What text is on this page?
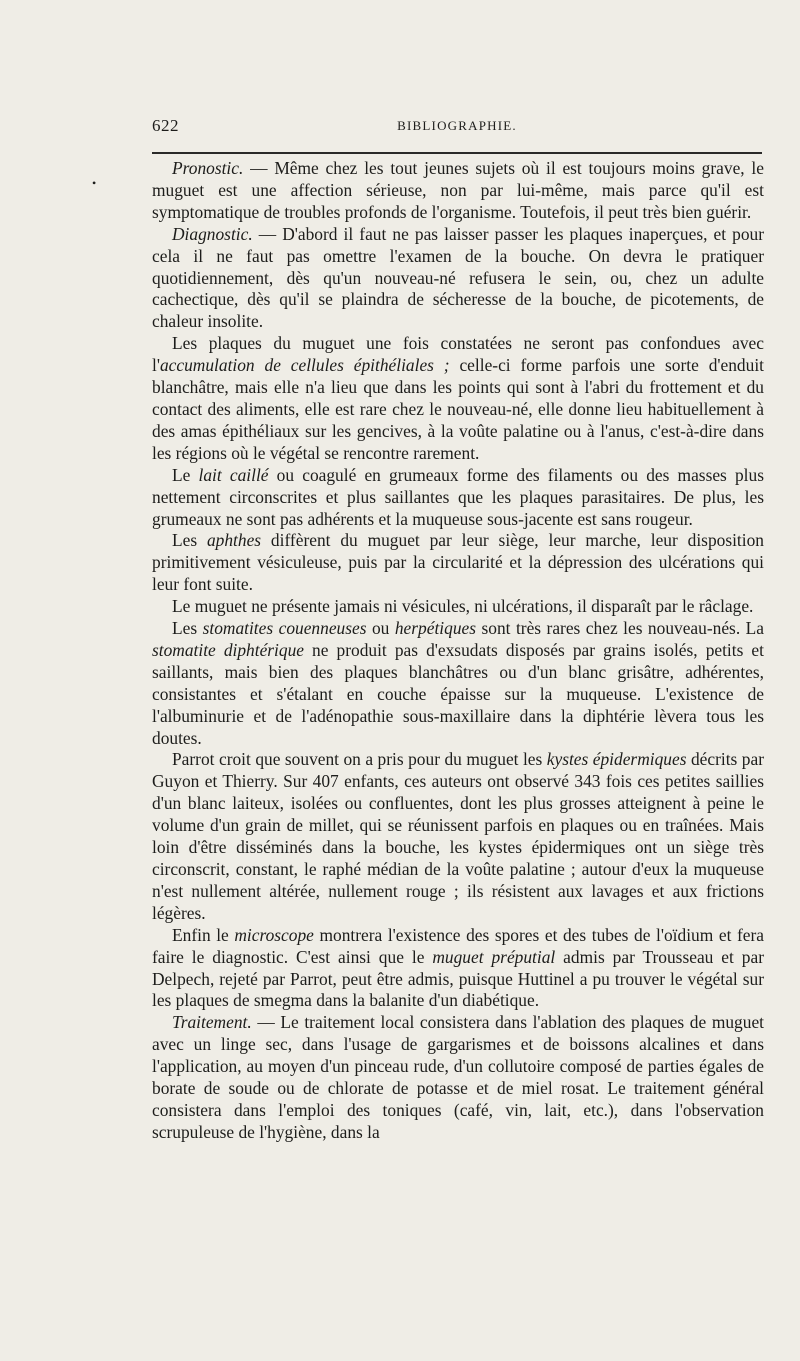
622	BIBLIOGRAPHIE.
•

Pronostic. — Même chez les tout jeunes sujets où il est toujours moins grave, le muguet est une affection sérieuse, non par lui-même, mais parce qu'il est symptomatique de troubles profonds de l'organisme. Toutefois, il peut très bien guérir.

Diagnostic. — D'abord il faut ne pas laisser passer les plaques inaperçues, et pour cela il ne faut pas omettre l'examen de la bouche. On devra le pratiquer quotidiennement, dès qu'un nouveau-né refusera le sein, ou, chez un adulte cachectique, dès qu'il se plaindra de sécheresse de la bouche, de picotements, de chaleur insolite.

Les plaques du muguet une fois constatées ne seront pas confondues avec l'accumulation de cellules épithéliales ; celle-ci forme parfois une sorte d'enduit blanchâtre, mais elle n'a lieu que dans les points qui sont à l'abri du frottement et du contact des aliments, elle est rare chez le nouveau-né, elle donne lieu habituellement à des amas épithéliaux sur les gencives, à la voûte palatine ou à l'anus, c'est-à-dire dans les régions où le végétal se rencontre rarement.

Le lait caillé ou coagulé en grumeaux forme des filaments ou des masses plus nettement circonscrites et plus saillantes que les plaques parasitaires. De plus, les grumeaux ne sont pas adhérents et la muqueuse sous-jacente est sans rougeur.

Les aphthes diffèrent du muguet par leur siège, leur marche, leur disposition primitivement vésiculeuse, puis par la circularité et la dépression des ulcérations qui leur font suite.

Le muguet ne présente jamais ni vésicules, ni ulcérations, il disparaît par le râclage.

Les stomatites couenneuses ou herpétiques sont très rares chez les nouveau-nés. La stomatite diphtérique ne produit pas d'exsudats disposés par grains isolés, petits et saillants, mais bien des plaques blanchâtres ou d'un blanc grisâtre, adhérentes, consistantes et s'étalant en couche épaisse sur la muqueuse. L'existence de l'albuminurie et de l'adénopathie sous-maxillaire dans la diphtérie lèvera tous les doutes.

Parrot croit que souvent on a pris pour du muguet les kystes épidermiques décrits par Guyon et Thierry. Sur 407 enfants, ces auteurs ont observé 343 fois ces petites saillies d'un blanc laiteux, isolées ou confluentes, dont les plus grosses atteignent à peine le volume d'un grain de millet, qui se réunissent parfois en plaques ou en traînées. Mais loin d'être disséminés dans la bouche, les kystes épidermiques ont un siège très circonscrit, constant, le raphé médian de la voûte palatine ; autour d'eux la muqueuse n'est nullement altérée, nullement rouge ; ils résistent aux lavages et aux frictions légères.

Enfin le microscope montrera l'existence des spores et des tubes de l'oïdium et fera faire le diagnostic. C'est ainsi que le muguet préputial admis par Trousseau et par Delpech, rejeté par Parrot, peut être admis, puisque Huttinel a pu trouver le végétal sur les plaques de smegma dans la balanite d'un diabétique.

Traitement. — Le traitement local consistera dans l'ablation des plaques de muguet avec un linge sec, dans l'usage de gargarismes et de boissons alcalines et dans l'application, au moyen d'un pinceau rude, d'un collutoire composé de parties égales de borate de soude ou de chlorate de potasse et de miel rosat. Le traitement général consistera dans l'emploi des toniques (café, vin, lait, etc.), dans l'observation scrupuleuse de l'hygiène, dans la
